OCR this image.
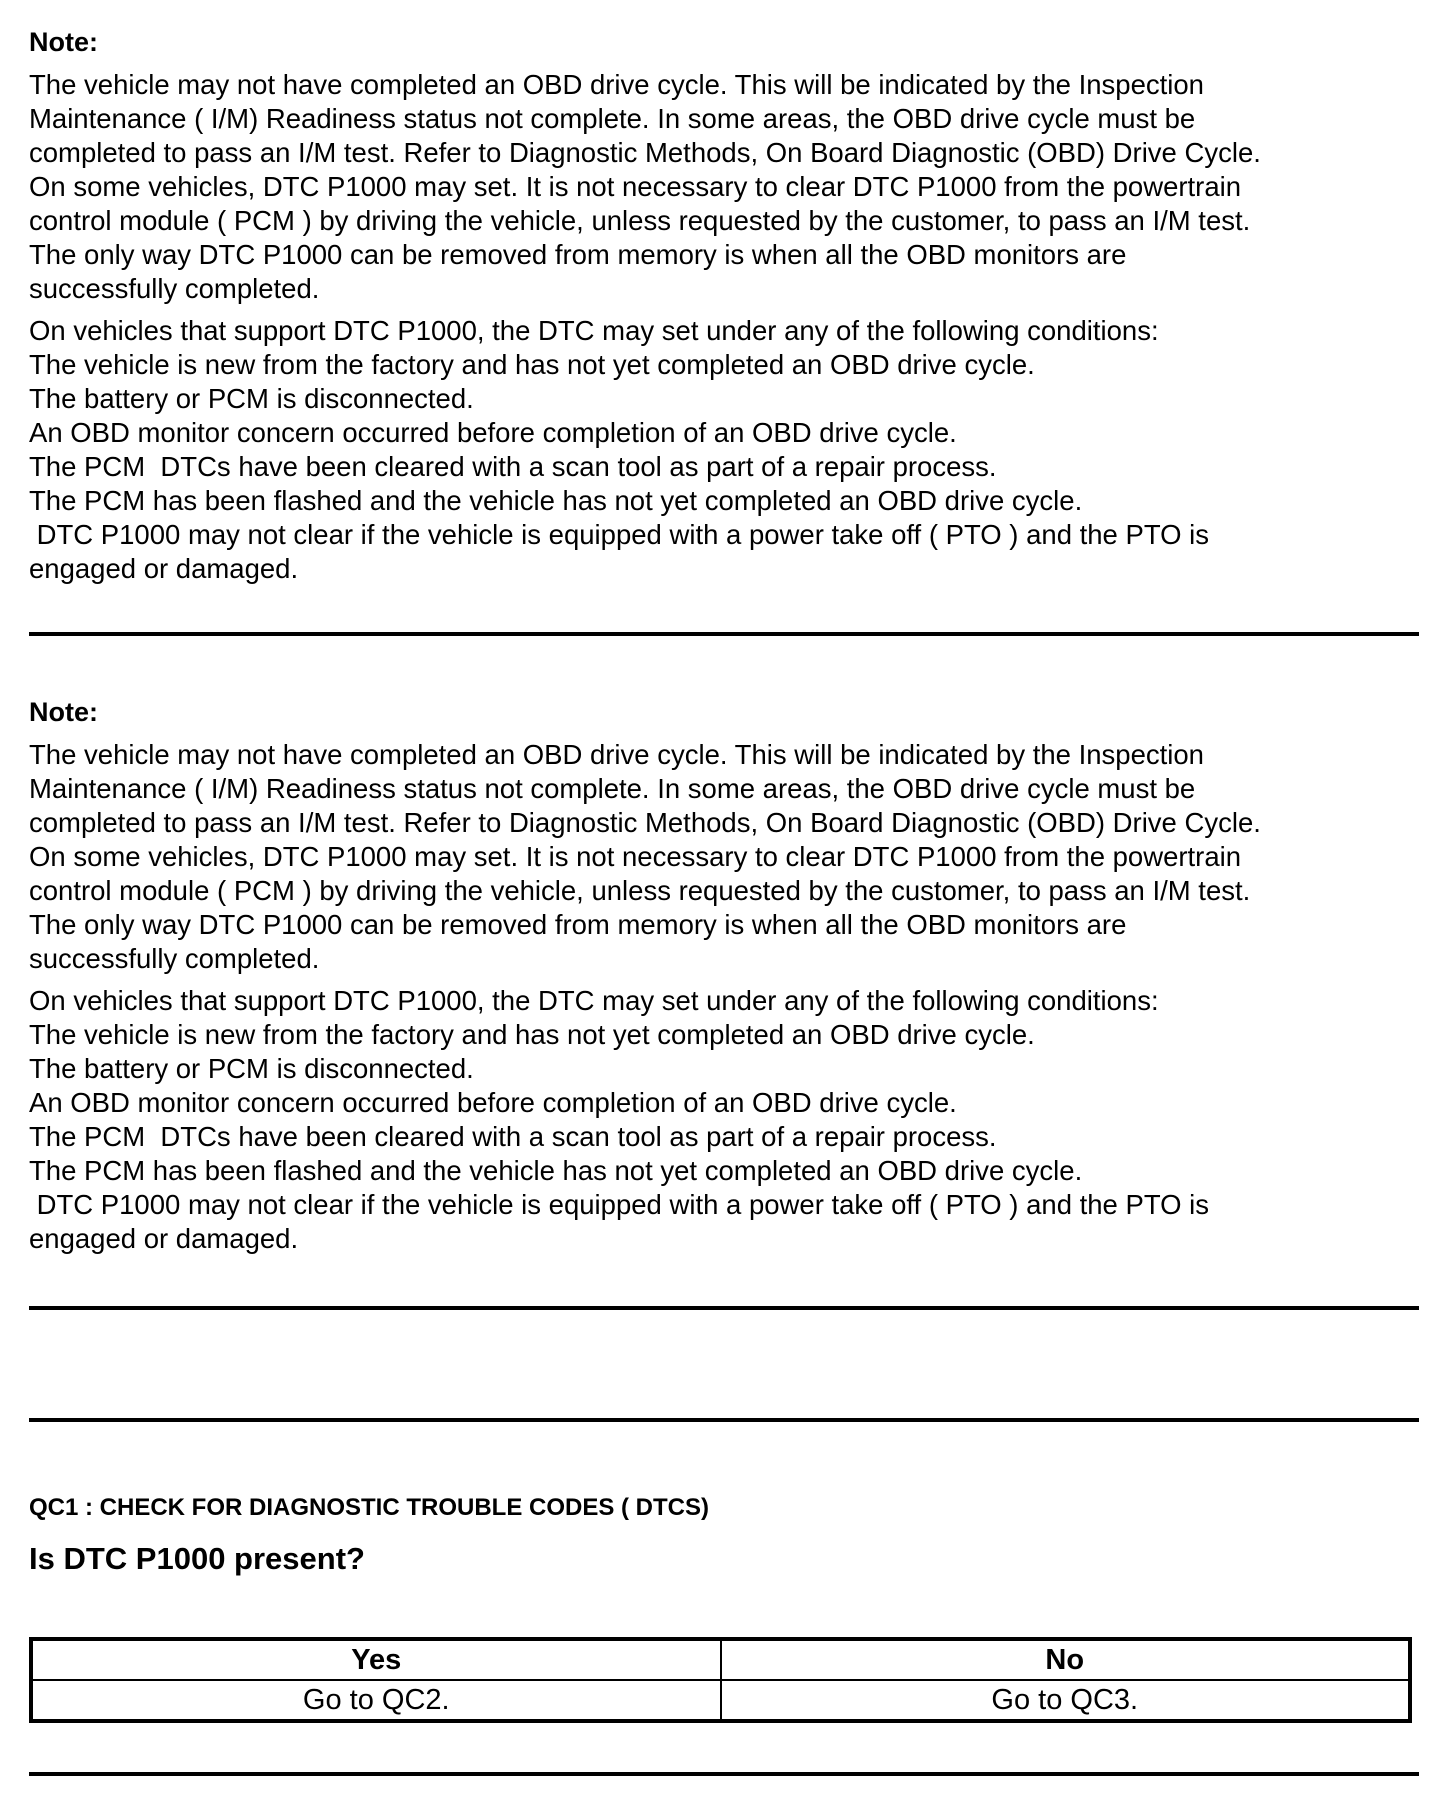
Note:

The vehicle may not have completed an OBD drive cycle. This will be indicated by the Inspection
Maintenance ( I/M) Readiness status not complete. In some areas, the OBD drive cycle must be
completed to pass an I/M test. Refer to Diagnostic Methods, On Board Diagnostic (OBD) Drive Cycle.
On some vehicles, DTC P1000 may set. It is not necessary to clear DTC P1000 from the powertrain
control module ( PCM ) by driving the vehicle, unless requested by the customer, to pass an I/M test.
The only way DTC P1000 can be removed from memory is when all the OBD monitors are
successfully completed.

On vehicles that support DTC P1000, the DTC may set under any of the following conditions:

The vehicle is new from the factory and has not yet completed an OBD drive cycle.

The battery or PCM is disconnected.

An OBD monitor concern occurred before completion of an OBD drive cycle.

The PCM  DTCs have been cleared with a scan tool as part of a repair process.

The PCM has been flashed and the vehicle has not yet completed an OBD drive cycle.

DTC P1000 may not clear if the vehicle is equipped with a power take off ( PTO ) and the PTO is
engaged or damaged.

Note:

The vehicle may not have completed an OBD drive cycle. This will be indicated by the Inspection
Maintenance ( I/M) Readiness status not complete. In some areas, the OBD drive cycle must be
completed to pass an I/M test. Refer to Diagnostic Methods, On Board Diagnostic (OBD) Drive Cycle.
On some vehicles, DTC P1000 may set. It is not necessary to clear DTC P1000 from the powertrain
control module ( PCM ) by driving the vehicle, unless requested by the customer, to pass an I/M test.
The only way DTC P1000 can be removed from memory is when all the OBD monitors are
successfully completed.

On vehicles that support DTC P1000, the DTC may set under any of the following conditions:

The vehicle is new from the factory and has not yet completed an OBD drive cycle.

The battery or PCM is disconnected.

An OBD monitor concern occurred before completion of an OBD drive cycle.

The PCM  DTCs have been cleared with a scan tool as part of a repair process.

The PCM has been flashed and the vehicle has not yet completed an OBD drive cycle.

DTC P1000 may not clear if the vehicle is equipped with a power take off ( PTO ) and the PTO is
engaged or damaged.

QC1 : CHECK FOR DIAGNOSTIC TROUBLE CODES ( DTCS)

Is DTC P1000 present?

Yes	No
Go to QC2.	Go to QC3.
